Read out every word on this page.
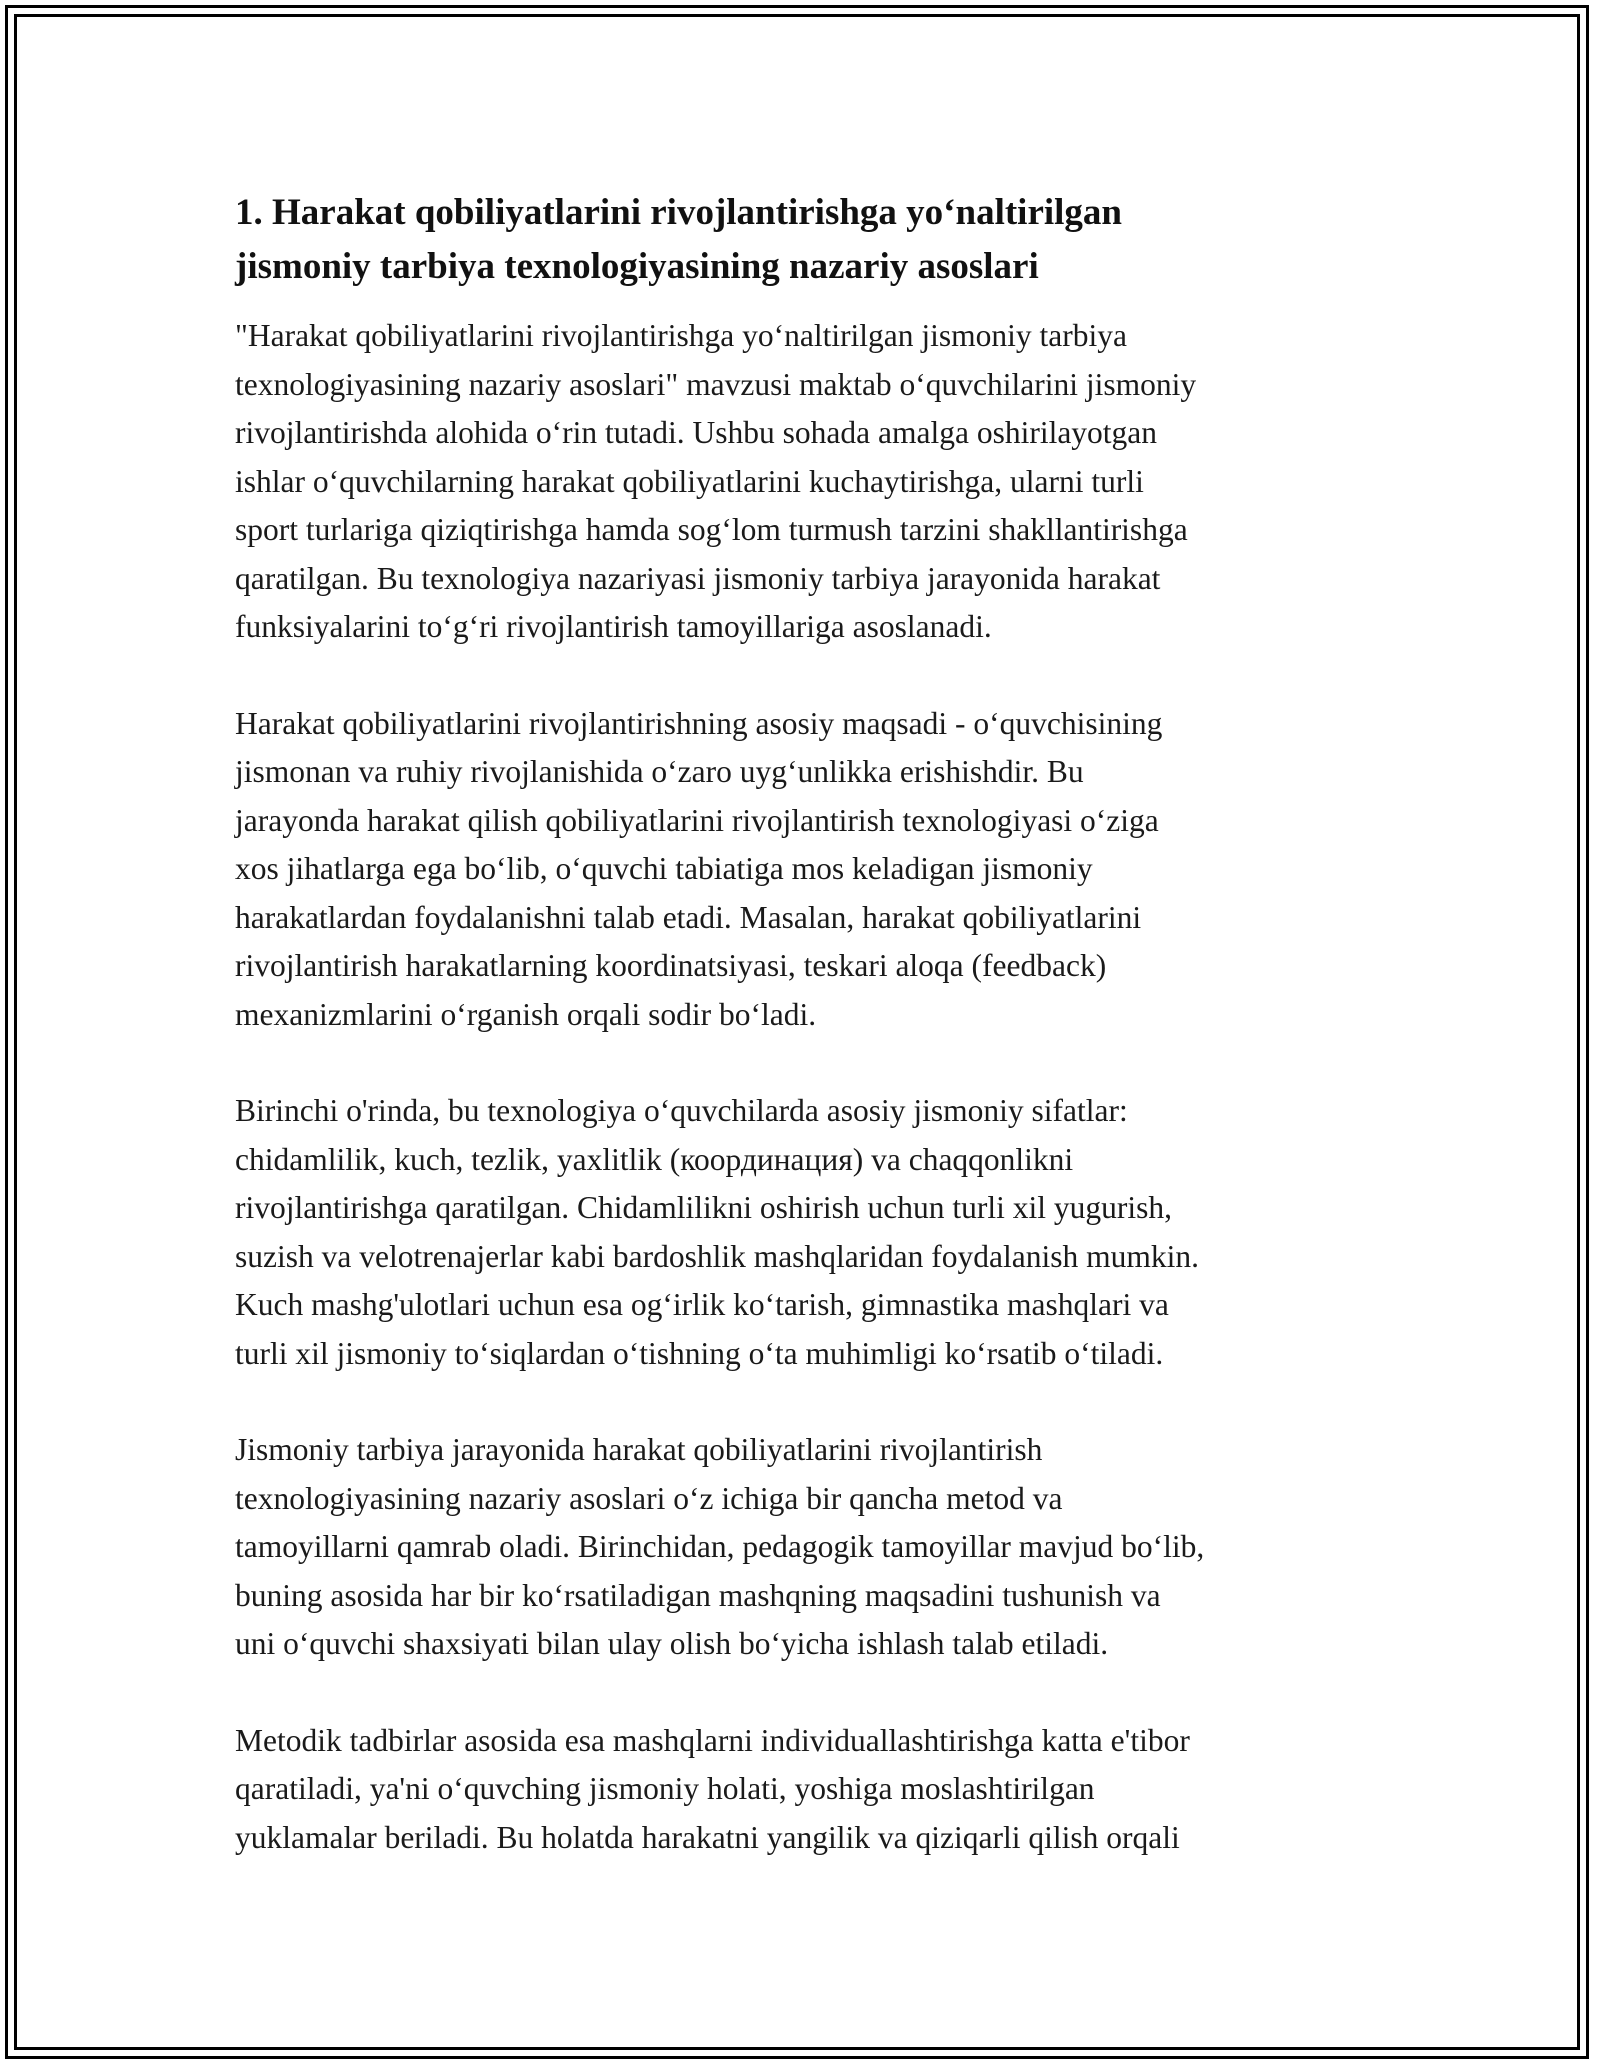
1. Harakat qobiliyatlarini rivojlantirishga yo‘naltirilgan
jismoniy tarbiya texnologiyasining nazariy asoslari
"Harakat qobiliyatlarini rivojlantirishga yo‘naltirilgan jismoniy tarbiya
texnologiyasining nazariy asoslari" mavzusi maktab o‘quvchilarini jismoniy
rivojlantirishda alohida o‘rin tutadi. Ushbu sohada amalga oshirilayotgan
ishlar o‘quvchilarning harakat qobiliyatlarini kuchaytirishga, ularni turli
sport turlariga qiziqtirishga hamda sog‘lom turmush tarzini shakllantirishga
qaratilgan. Bu texnologiya nazariyasi jismoniy tarbiya jarayonida harakat
funksiyalarini to‘g‘ri rivojlantirish tamoyillariga asoslanadi.
Harakat qobiliyatlarini rivojlantirishning asosiy maqsadi - o‘quvchisining
jismonan va ruhiy rivojlanishida o‘zaro uyg‘unlikka erishishdir. Bu
jarayonda harakat qilish qobiliyatlarini rivojlantirish texnologiyasi o‘ziga
xos jihatlarga ega bo‘lib, o‘quvchi tabiatiga mos keladigan jismoniy
harakatlardan foydalanishni talab etadi. Masalan, harakat qobiliyatlarini
rivojlantirish harakatlarning koordinatsiyasi, teskari aloqa (feedback)
mexanizmlarini o‘rganish orqali sodir bo‘ladi.
Birinchi o'rinda, bu texnologiya o‘quvchilarda asosiy jismoniy sifatlar:
chidamlilik, kuch, tezlik, yaxlitlik (координация) va chaqqonlikni
rivojlantirishga qaratilgan. Chidamlilikni oshirish uchun turli xil yugurish,
suzish va velotrenajerlar kabi bardoshlik mashqlaridan foydalanish mumkin.
Kuch mashg'ulotlari uchun esa og‘irlik ko‘tarish, gimnastika mashqlari va
turli xil jismoniy to‘siqlardan o‘tishning o‘ta muhimligi ko‘rsatib o‘tiladi.
Jismoniy tarbiya jarayonida harakat qobiliyatlarini rivojlantirish
texnologiyasining nazariy asoslari o‘z ichiga bir qancha metod va
tamoyillarni qamrab oladi. Birinchidan, pedagogik tamoyillar mavjud bo‘lib,
buning asosida har bir ko‘rsatiladigan mashqning maqsadini tushunish va
uni o‘quvchi shaxsiyati bilan ulay olish bo‘yicha ishlash talab etiladi.
Metodik tadbirlar asosida esa mashqlarni individuallashtirishga katta e'tibor
qaratiladi, ya'ni o‘quvching jismoniy holati, yoshiga moslashtirilgan
yuklamalar beriladi. Bu holatda harakatni yangilik va qiziqarli qilish orqali
